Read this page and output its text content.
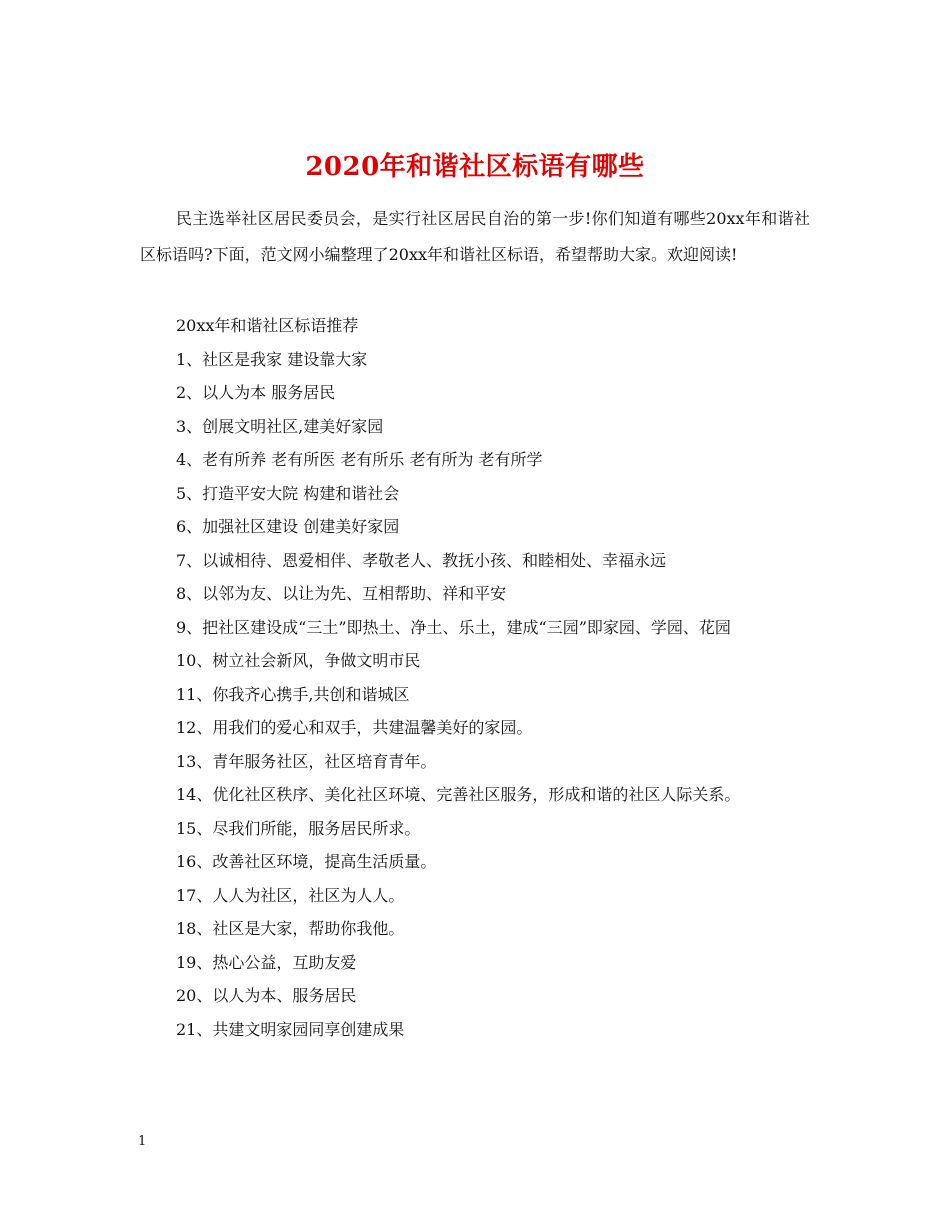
2020年和谐社区标语有哪些

民主选举社区居民委员会，是实行社区居民自治的第一步!你们知道有哪些20xx年和谐社区标语吗?下面，范文网小编整理了20xx年和谐社区标语，希望帮助大家。欢迎阅读!

20xx年和谐社区标语推荐
1、社区是我家 建设靠大家
2、以人为本 服务居民
3、创展文明社区,建美好家园
4、老有所养 老有所医 老有所乐 老有所为 老有所学
5、打造平安大院 构建和谐社会
6、加强社区建设 创建美好家园
7、以诚相待、恩爱相伴、孝敬老人、教抚小孩、和睦相处、幸福永远
8、以邻为友、以让为先、互相帮助、祥和平安
9、把社区建设成“三土”即热土、净土、乐土，建成“三园”即家园、学园、花园
10、树立社会新风，争做文明市民
11、你我齐心携手,共创和谐城区
12、用我们的爱心和双手，共建温馨美好的家园。
13、青年服务社区，社区培育青年。
14、优化社区秩序、美化社区环境、完善社区服务，形成和谐的社区人际关系。
15、尽我们所能，服务居民所求。
16、改善社区环境，提高生活质量。
17、人人为社区，社区为人人。
18、社区是大家，帮助你我他。
19、热心公益，互助友爱
20、以人为本、服务居民
21、共建文明家园同享创建成果
1
